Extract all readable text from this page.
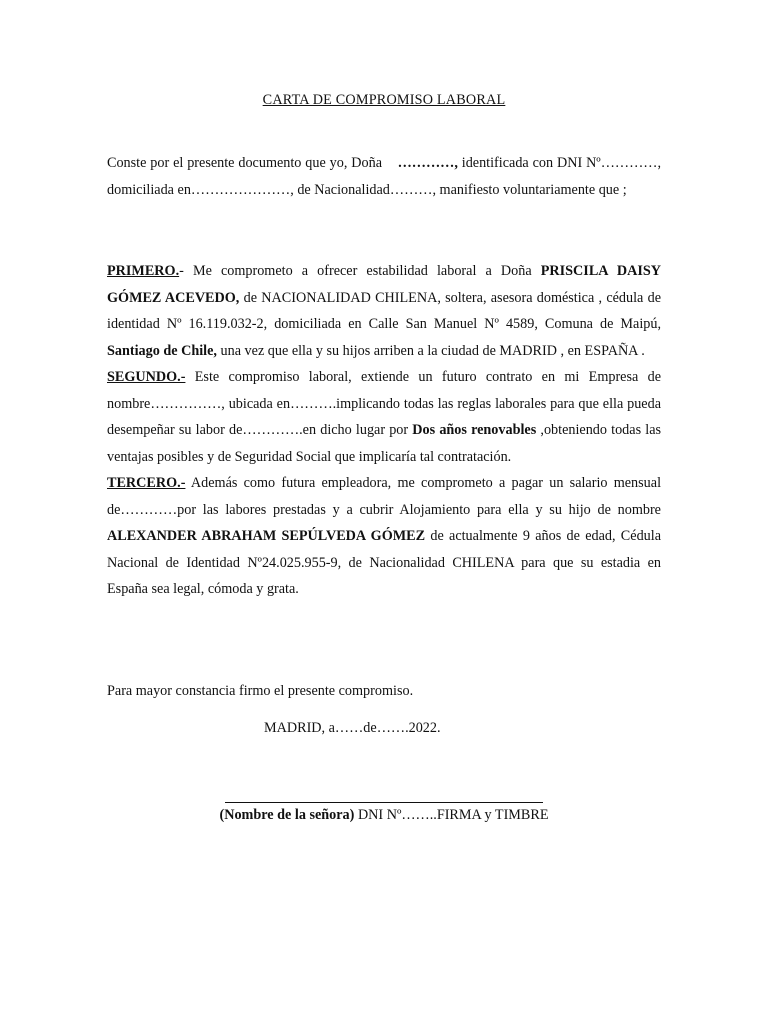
CARTA DE COMPROMISO LABORAL

Conste por el presente documento que yo, Doña …………, identificada con DNI Nº…………, domiciliada en…………………, de Nacionalidad………, manifiesto voluntariamente que ;

PRIMERO.- Me comprometo a ofrecer estabilidad laboral a Doña PRISCILA DAISY GÓMEZ ACEVEDO, de NACIONALIDAD CHILENA, soltera, asesora doméstica , cédula de identidad Nº 16.119.032-2, domiciliada en Calle San Manuel Nº 4589, Comuna de Maipú, Santiago de Chile, una vez que ella y su hijos arriben a la ciudad de MADRID , en ESPAÑA .

SEGUNDO.- Este compromiso laboral, extiende un futuro contrato en mi Empresa de nombre……………, ubicada en……….implicando todas las reglas laborales para que ella pueda desempeñar su labor de………….en dicho lugar por Dos años renovables ,obteniendo todas las ventajas posibles y de Seguridad Social que implicaría tal contratación.

TERCERO.- Además como futura empleadora, me comprometo a pagar un salario mensual de…………por las labores prestadas y a cubrir Alojamiento para ella y su hijo de nombre ALEXANDER ABRAHAM SEPÚLVEDA GÓMEZ de actualmente 9 años de edad, Cédula Nacional de Identidad Nº24.025.955-9, de Nacionalidad CHILENA para que su estadia en España sea legal, cómoda y grata.

Para mayor constancia firmo el presente compromiso.
MADRID, a……de…….2022.
(Nombre de la señora) DNI Nº……..FIRMA y TIMBRE
